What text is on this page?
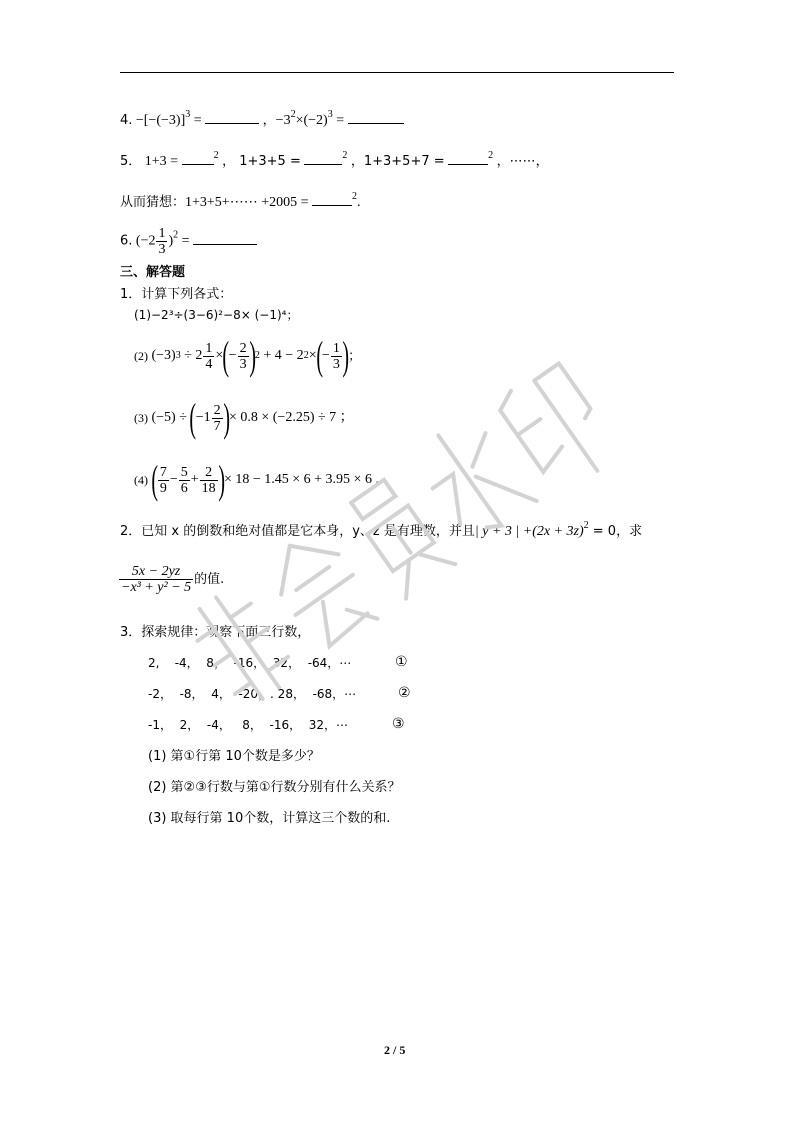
4. $-[-(-3)]^3$ =	，$-3^2\times(-2)^3$ =
5． 1+3 =	$^2$ ， 1+3+5 =	$^2$ ，1+3+5+7 =	$^2$ ，⋯⋯，
从而猜想：1+3+5+⋯⋯ +2005 =	$^2$.
6. $(-2 \frac{1}{3} )^2$ =
三、解答题
1．计算下列各式：
(1)−2³÷(3−6)²−8× (−1)⁴；
(2)
(−3) 3
÷ $2 \frac{1}{4}$ × ( − $\frac{2}{3}$ ) 2
+ 4 − 2 2 × ( − $\frac{1}{3}$ ) ；
(3)
(−5) ÷
( $-1 \frac{2}{7}$ ) × 0.8 × (−2.25) ÷ 7 ；
(4)
( $\frac{7}{9} - \frac{5}{6} + \frac{2}{18}$ ) × 18 − 1.45 × 6 + 3.95 × 6 .
2．已知 x 的倒数和绝对值都是它本身，y、z 是有理数，并且| y + 3 | $+(2x + 3z)^2 = 0$，求
$\frac{5x - 2yz}{\text{−x³ + y² − 5}}$ 的值.
3．探索规律：观察下面三行数，
2,    -4，  8，  -16，  32，  -64，⋯	①
-2，  -8，  4，  -20，. 28，  -68，⋯	②
-1，  2，  -4，   8，  -16，  32，⋯	③
(1) 第①行第 10个数是多少？
(2) 第②③行数与第①行数分别有什么关系？
(3) 取每行第 10个数，计算这三个数的和.
2 / 5
